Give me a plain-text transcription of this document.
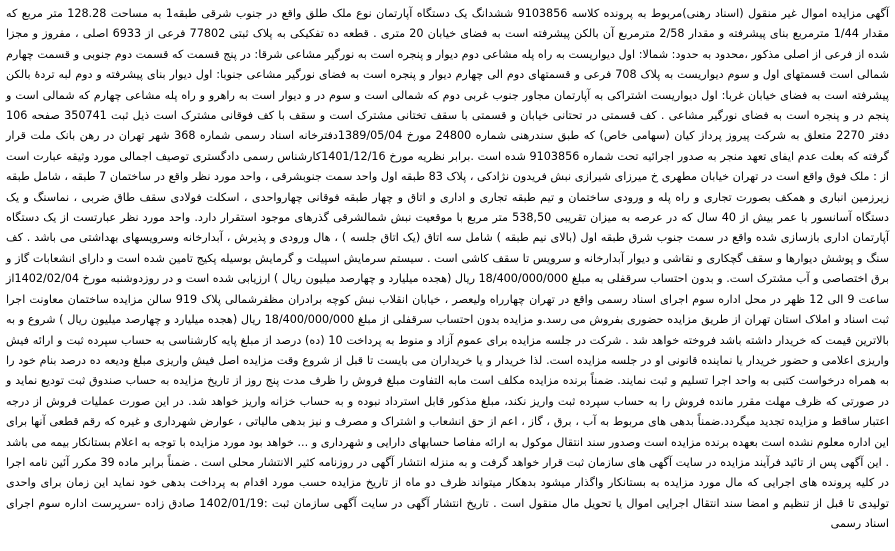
آگهی مزایده اموال غیر منقول (اسناد رهنی)مربوط به پرونده کلاسه 9103856 ششدانگ یک دستگاه آپارتمان نوع ملک طلق واقع در جنوب شرقی طبقه1 به مساحت 128.28 متر مربع که مقدار 1/44 مترمربع بنای پیشرفته و مقدار 2/58 مترمربع آن بالکن پیشرفته است به فضای خیابان 20 متری . قطعه ده تفکیکی به پلاک ثبتی 77802 فرعی از 6933 اصلی ، مفروز و مجزا شده از فرعی از اصلی مذکور ،محدود به حدود: شمالا: اول دیواریست به راه پله مشاعی دوم دیوار و پنجره است به نورگیر مشاعی شرقا: در پنج قسمت که قسمت دوم جنوبی و قسمت چهارم شمالی است قسمتهای اول و سوم دیواریست به پلاک 708 فرعی و قسمتهای دوم الی چهارم دیوار و پنجره است به فضای نورگیر مشاعی جنوبا: اول دیوار بنای پیشرفته و دوم لبه تردهٔ بالکن پیشرفته است به فضای خیابان غربا: اول دیواریست اشتراکی به آپارتمان مجاور جنوب غربی دوم که شمالی است و سوم در و دیوار است به راهرو و راه پله مشاعی چهارم که شمالی است و پنجم در و پنجره است به فضای نورگیر مشاعی . کف قسمتی در تحتانی خیابان و قسمتی با سقف تختانی مشترک است و سقف با کف فوقانی مشترک است ذیل ثبت 350741 صفحه 106 دفتر 2270 متعلق به شرکت پیروز پرداز کیان (سهامی خاص) که طبق سندرهنی شماره 24800 مورخ 1389/05/04دفترخانه اسناد رسمی شماره 368 شهر تهران در رهن بانک ملت قرار گرفته که بعلت عدم ایفای تعهد منجر به صدور اجرائیه تحت شماره 9103856 شده است .برابر نظریه مورخ 1401/12/16کارشناس رسمی دادگستری توصیف اجمالی مورد وثیقه عبارت است از : ملک فوق واقع است در تهران خیابان مطهری خ میرزای شیرازی نبش فریدون نژادکی ، پلاک 83 طبقه اول واحد سمت جنوبشرقی ، واحد مورد نظر واقع در ساختمان 7 طبقه ، شامل طبقه زیرزمین انباری و همکف بصورت تجاری و راه پله و ورودی ساختمان و تیم طبقه تجاری و اداری و اتاق و چهار طبقه فوقانی چهارواحدی ، اسکلت فولادی سقف طاق ضربی ، نماسنگ و یک دستگاه آسانسور با عمر بیش از 40 سال که در عرصه به میزان تقریبی 538,50 متر مربع با موقعیت نبش شمالشرقی گذرهای موجود استقرار دارد. واحد مورد نظر عبارتست از یک دستگاه آپارتمان اداری بازسازی شده واقع در سمت جنوب شرق طبقه اول (بالای نیم طبقه ) شامل سه اتاق (یک اتاق جلسه ) ، هال ورودی و پذیرش ، آبدارخانه وسرویسهای بهداشتی می باشد . کف سنگ و پوشش دیوارها و سقف گچکاری و نقاشی و دیوار آبدارخانه و سرویس تا سقف کاشی است . سیستم سرمایش اسپیلت و گرمایش بوسیله پکیج تامین شده است و دارای انشعابات گاز و برق اختصاصی و آب مشترک است. و بدون احتساب سرقفلی به مبلغ 18/400/000/000 ریال (هجده میلیارد و چهارصد میلیون ریال ) ارزیابی شده است و در روزدوشنبه مورخ 1402/02/04از ساعت 9 الی 12 ظهر در محل اداره سوم اجرای اسناد رسمی واقع در تهران چهارراه ولیعصر ، خیابان انقلاب نبش کوچه برادران مظفرشمالی پلاک 919 سالن مزایده ساختمان معاونت اجرا ثبت اسناد و املاک استان تهران از طریق مزایده حضوری بفروش می رسد.و مزایده بدون احتساب سرقفلی از مبلغ 18/400/000/000 ریال (هجده میلیارد و چهارصد میلیون ریال ) شروع و به بالاترین قیمت که خریدار داشته باشد فروخته خواهد شد . شرکت در جلسه مزایده برای عموم آزاد و منوط به پرداخت 10 (ده) درصد از مبلغ پایه کارشناسی به حساب سپرده ثبت و ارائه فیش واریزی اعلامی و حضور خریدار یا نماینده قانونی او در جلسه مزایده است. لذا خریدار و یا خریداران می بایست تا قبل از شروع وقت مزایده اصل فیش واریزی مبلغ ودیعه ده درصد بنام خود را به همراه درخواست کتبی به واحد اجرا تسلیم و ثبت نمایند. ضمناً برنده مزایده مکلف است مابه التفاوت مبلغ فروش را ظرف مدت پنج روز از تاریخ مزایده به حساب صندوق ثبت تودیع نماید و در صورتی که ظرف مهلت مقرر مانده فروش را به حساب سپرده ثبت واریز نکند، مبلغ مذکور قابل استرداد نبوده و به حساب خزانه واریز خواهد شد. در این صورت عملیات فروش از درجه اعتبار ساقط و مزایده تجدید میگردد.ضمناً بدهی های مربوط به آب ، برق ، گاز ، اعم از حق انشعاب و اشتراک و مصرف و نیز بدهی مالیاتی ، عوارض شهرداری و غیره که رقم قطعی آنها برای این اداره معلوم نشده است بعهده برنده مزایده است وصدور سند انتقال موکول به ارائه مفاصا حسابهای دارایی و شهرداری و ... خواهد بود مورد مزایده با توجه به اعلام بستانکار بیمه می باشد . این آگهی پس از تائید فرآیند مزایده در سایت آگهی های سازمان ثبت قرار خواهد گرفت و به منزله انتشار آگهی در روزنامه کثیر الانتشار محلی است . ضمناً برابر ماده 39 مکرر آئین نامه اجرا در کلیه پرونده های اجرایی که مال مورد مزایده به بستانکار واگذار میشود بدهکار میتواند ظرف دو ماه از تاریخ مزایده حسب مورد اقدام به پرداخت بدهی خود نماید این زمان برای واحدی تولیدی تا قبل از تنظیم و امضا سند انتقال اجرایی اموال یا تحویل مال منقول است . تاریخ انتشار آگهی در سایت آگهی سازمان ثبت :1402/01/19 صادق زاده -سرپرست اداره سوم اجرای اسناد رسمی
